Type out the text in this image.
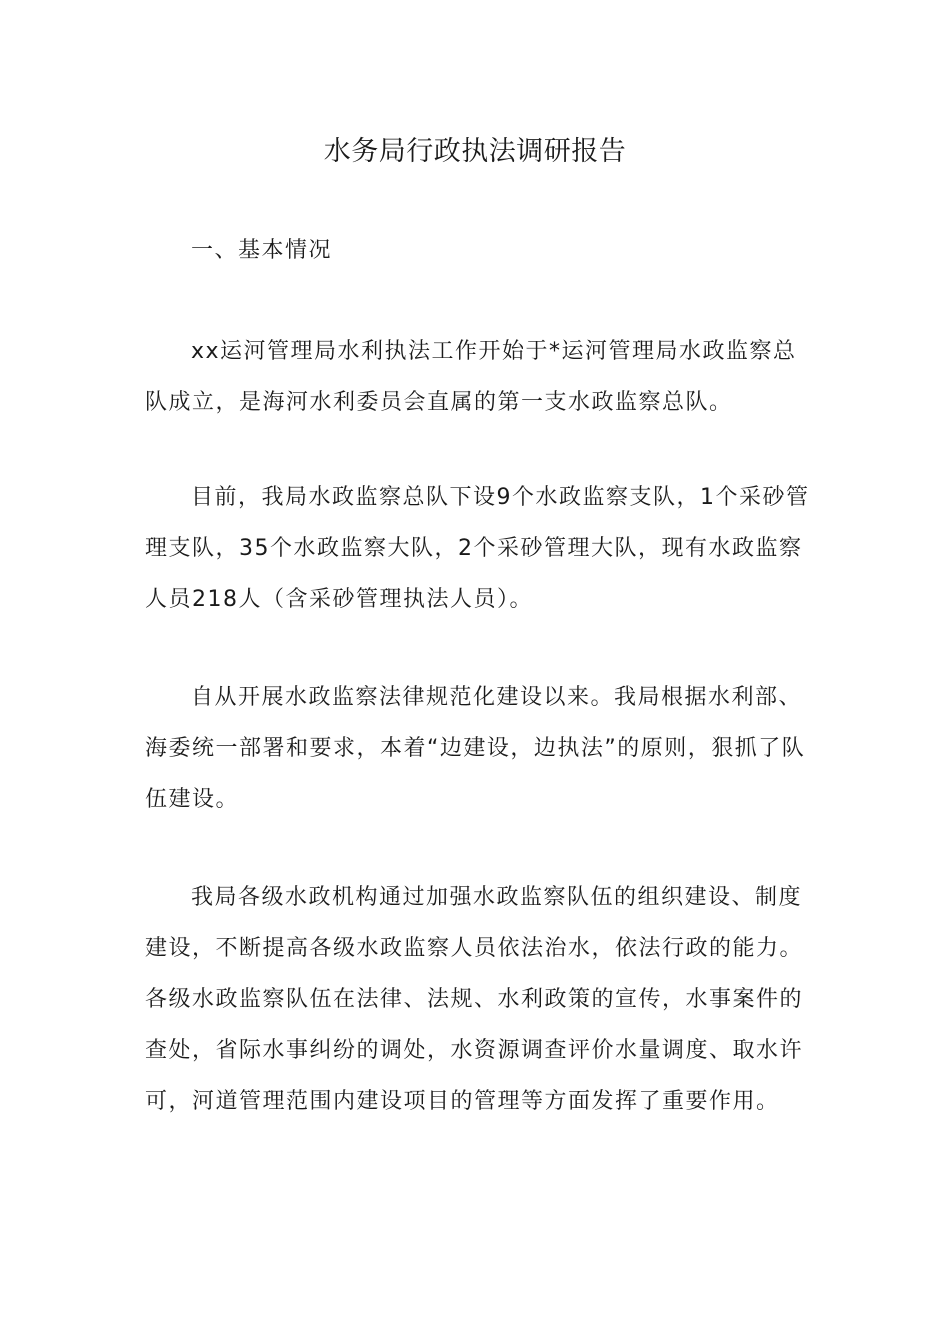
水务局行政执法调研报告

一、基本情况

xx运河管理局水利执法工作开始于*运河管理局水政监察总队成立，是海河水利委员会直属的第一支水政监察总队。

目前，我局水政监察总队下设9个水政监察支队，1个采砂管理支队，35个水政监察大队，2个采砂管理大队，现有水政监察人员218人（含采砂管理执法人员）。

自从开展水政监察法律规范化建设以来。我局根据水利部、海委统一部署和要求，本着“边建设，边执法”的原则，狠抓了队伍建设。

我局各级水政机构通过加强水政监察队伍的组织建设、制度建设，不断提高各级水政监察人员依法治水，依法行政的能力。各级水政监察队伍在法律、法规、水利政策的宣传，水事案件的查处，省际水事纠纷的调处，水资源调查评价水量调度、取水许可，河道管理范围内建设项目的管理等方面发挥了重要作用。
